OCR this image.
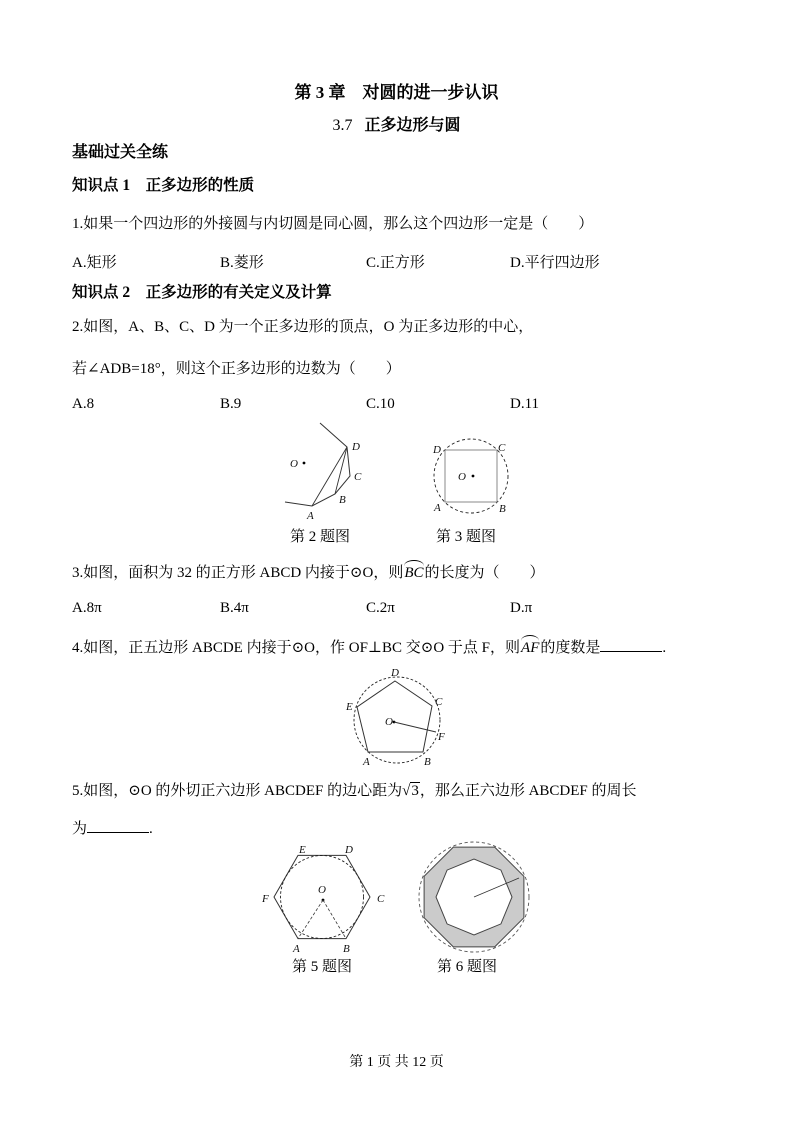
第 3 章　对圆的进一步认识
3.7 正多边形与圆
基础过关全练
知识点 1　正多边形的性质
1.如果一个四边形的外接圆与内切圆是同心圆，那么这个四边形一定是（　　）
A.矩形	B.菱形	C.正方形	D.平行四边形
知识点 2　正多边形的有关定义及计算
2.如图，A、B、C、D 为一个正多边形的顶点，O 为正多边形的中心，
若∠ADB=18°，则这个正多边形的边数为（　　）
A.8	B.9	C.10	D.11
O
D
C
B
A
O
D	C
A	B
第 2 题图	第 3 题图
3.如图，面积为 32 的正方形 ABCD 内接于⊙O，则BC的长度为（　　）
A.8π	B.4π	C.2π	D.π
4.如图，正五边形 ABCDE 内接于⊙O，作 OF⊥BC 交⊙O 于点 F，则AF的度数是	.
O
D
C
F
B
A
E
5.如图，⊙O 的外切正六边形 ABCDEF 的边心距为√3，那么正六边形 ABCDEF 的周长
为	.
O
E	D
F	C
A	B
第 5 题图	第 6 题图
第 1 页 共 12 页
